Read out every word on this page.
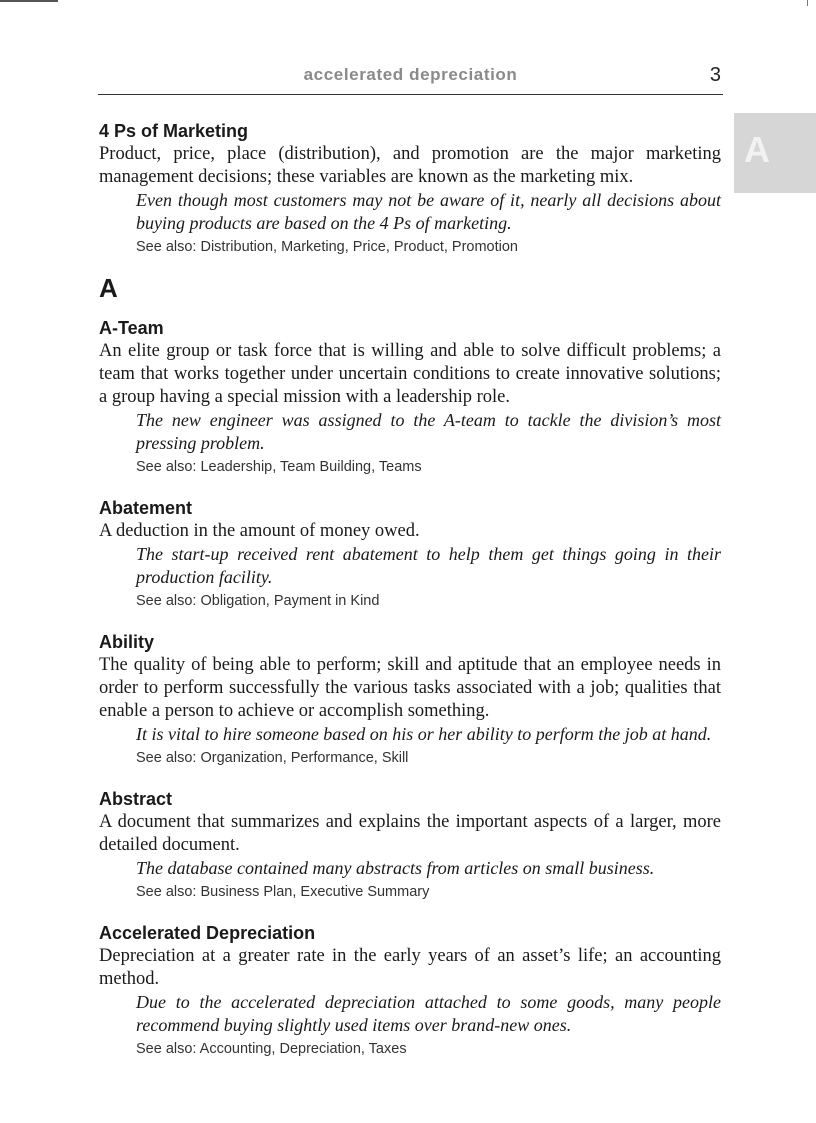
accelerated depreciation	3
A
4 Ps of Marketing

Product, price, place (distribution), and promotion are the major marketing management decisions; these variables are known as the marketing mix.

Even though most customers may not be aware of it, nearly all decisions about buying products are based on the 4 Ps of marketing.

See also: Distribution, Marketing, Price, Product, Promotion

A
A-Team

An elite group or task force that is willing and able to solve difficult problems; a team that works together under uncertain conditions to create innovative solutions; a group having a special mission with a leadership role.

The new engineer was assigned to the A-team to tackle the division’s most pressing problem.

See also: Leadership, Team Building, Teams

Abatement

A deduction in the amount of money owed.

The start-up received rent abatement to help them get things going in their production facility.

See also: Obligation, Payment in Kind

Ability

The quality of being able to perform; skill and aptitude that an employee needs in order to perform successfully the various tasks associated with a job; qualities that enable a person to achieve or accomplish something.

It is vital to hire someone based on his or her ability to perform the job at hand.

See also: Organization, Performance, Skill

Abstract

A document that summarizes and explains the important aspects of a larger, more detailed document.

The database contained many abstracts from articles on small business.

See also: Business Plan, Executive Summary

Accelerated Depreciation

Depreciation at a greater rate in the early years of an asset’s life; an accounting method.

Due to the accelerated depreciation attached to some goods, many people recommend buying slightly used items over brand-new ones.

See also: Accounting, Depreciation, Taxes
